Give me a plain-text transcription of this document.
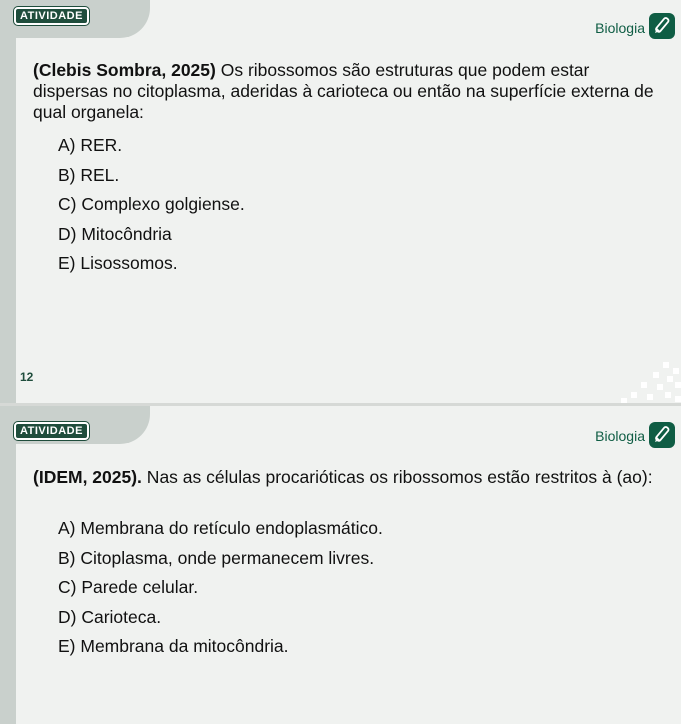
ATIVIDADE
Biologia
(Clebis Sombra, 2025) Os ribossomos são estruturas que podem estar dispersas no citoplasma, aderidas à carioteca ou então na superfície externa de qual organela:
A) RER.
B) REL.
C) Complexo golgiense.
D) Mitocôndria
E) Lisossomos.
12
ATIVIDADE	Biologia
(IDEM, 2025). Nas as células procarióticas os ribossomos estão restritos à (ao):
A) Membrana do retículo endoplasmático.
B) Citoplasma, onde permanecem livres.
C) Parede celular.
D) Carioteca.
E) Membrana da mitocôndria.
